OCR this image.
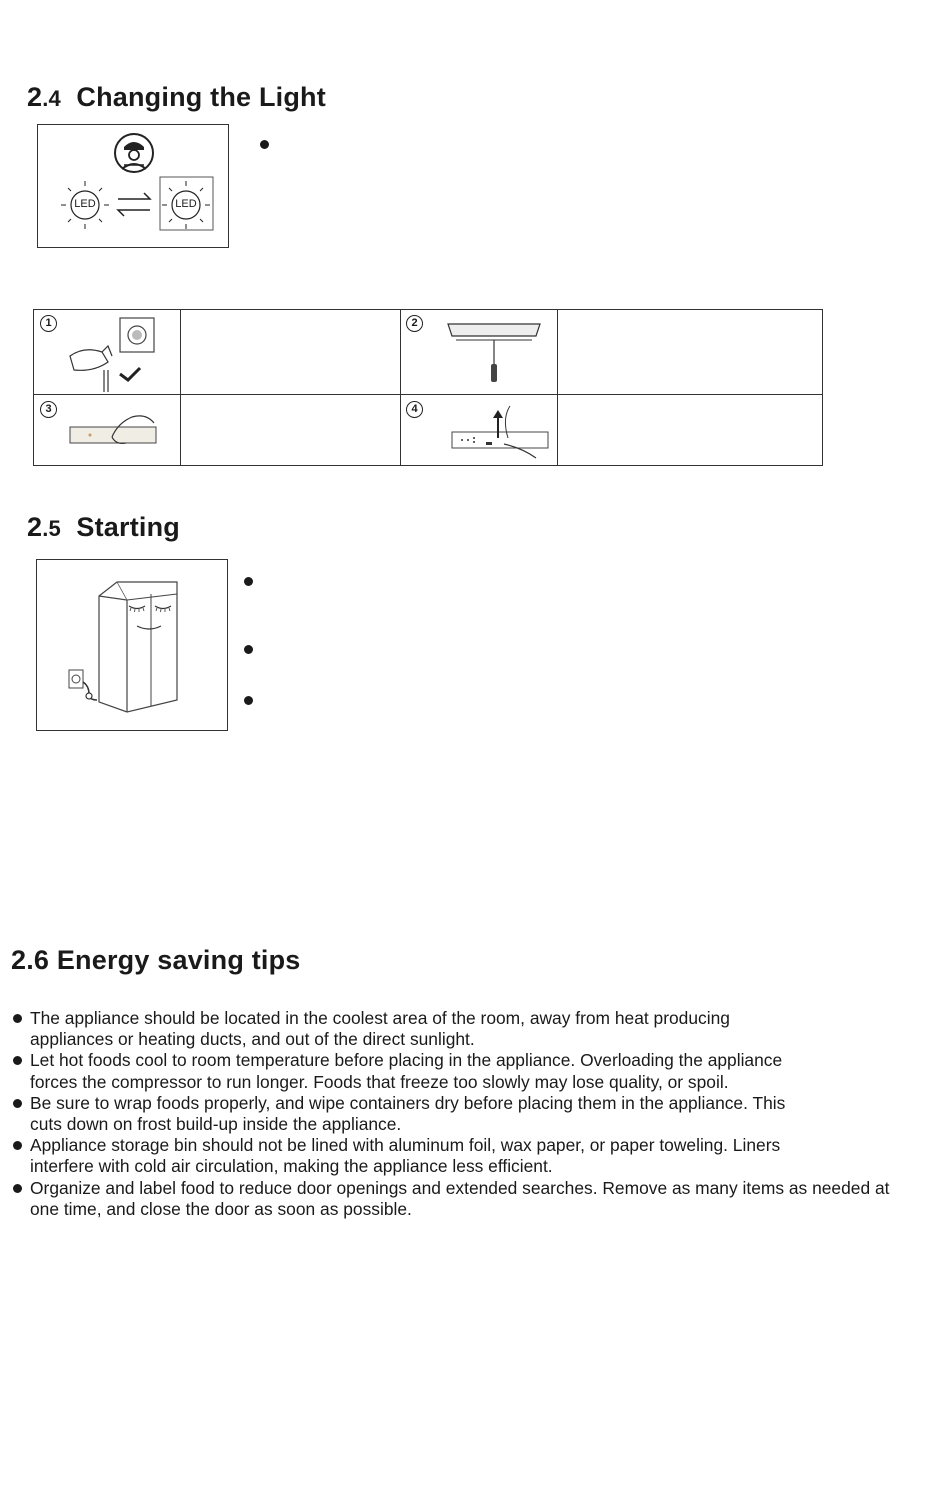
2.4 Changing the Light
LED	LED
1	2
3	4
2.5 Starting
2.6 Energy saving tips
The appliance should be located in the coolest area of the room, away from heat producing appliances or heating ducts, and out of the direct sunlight.
Let hot foods cool to room temperature before placing in the appliance. Overloading the appliance forces the compressor to run longer. Foods that freeze too slowly may lose quality, or spoil.
Be sure to wrap foods properly, and wipe containers dry before placing them in the appliance. This cuts down on frost build-up inside the appliance.
Appliance storage bin should not be lined with aluminum foil, wax paper, or paper toweling. Liners interfere with cold air circulation, making the appliance less efficient.
Organize and label food to reduce door openings and extended searches. Remove as many items as needed at one time, and close the door as soon as possible.
